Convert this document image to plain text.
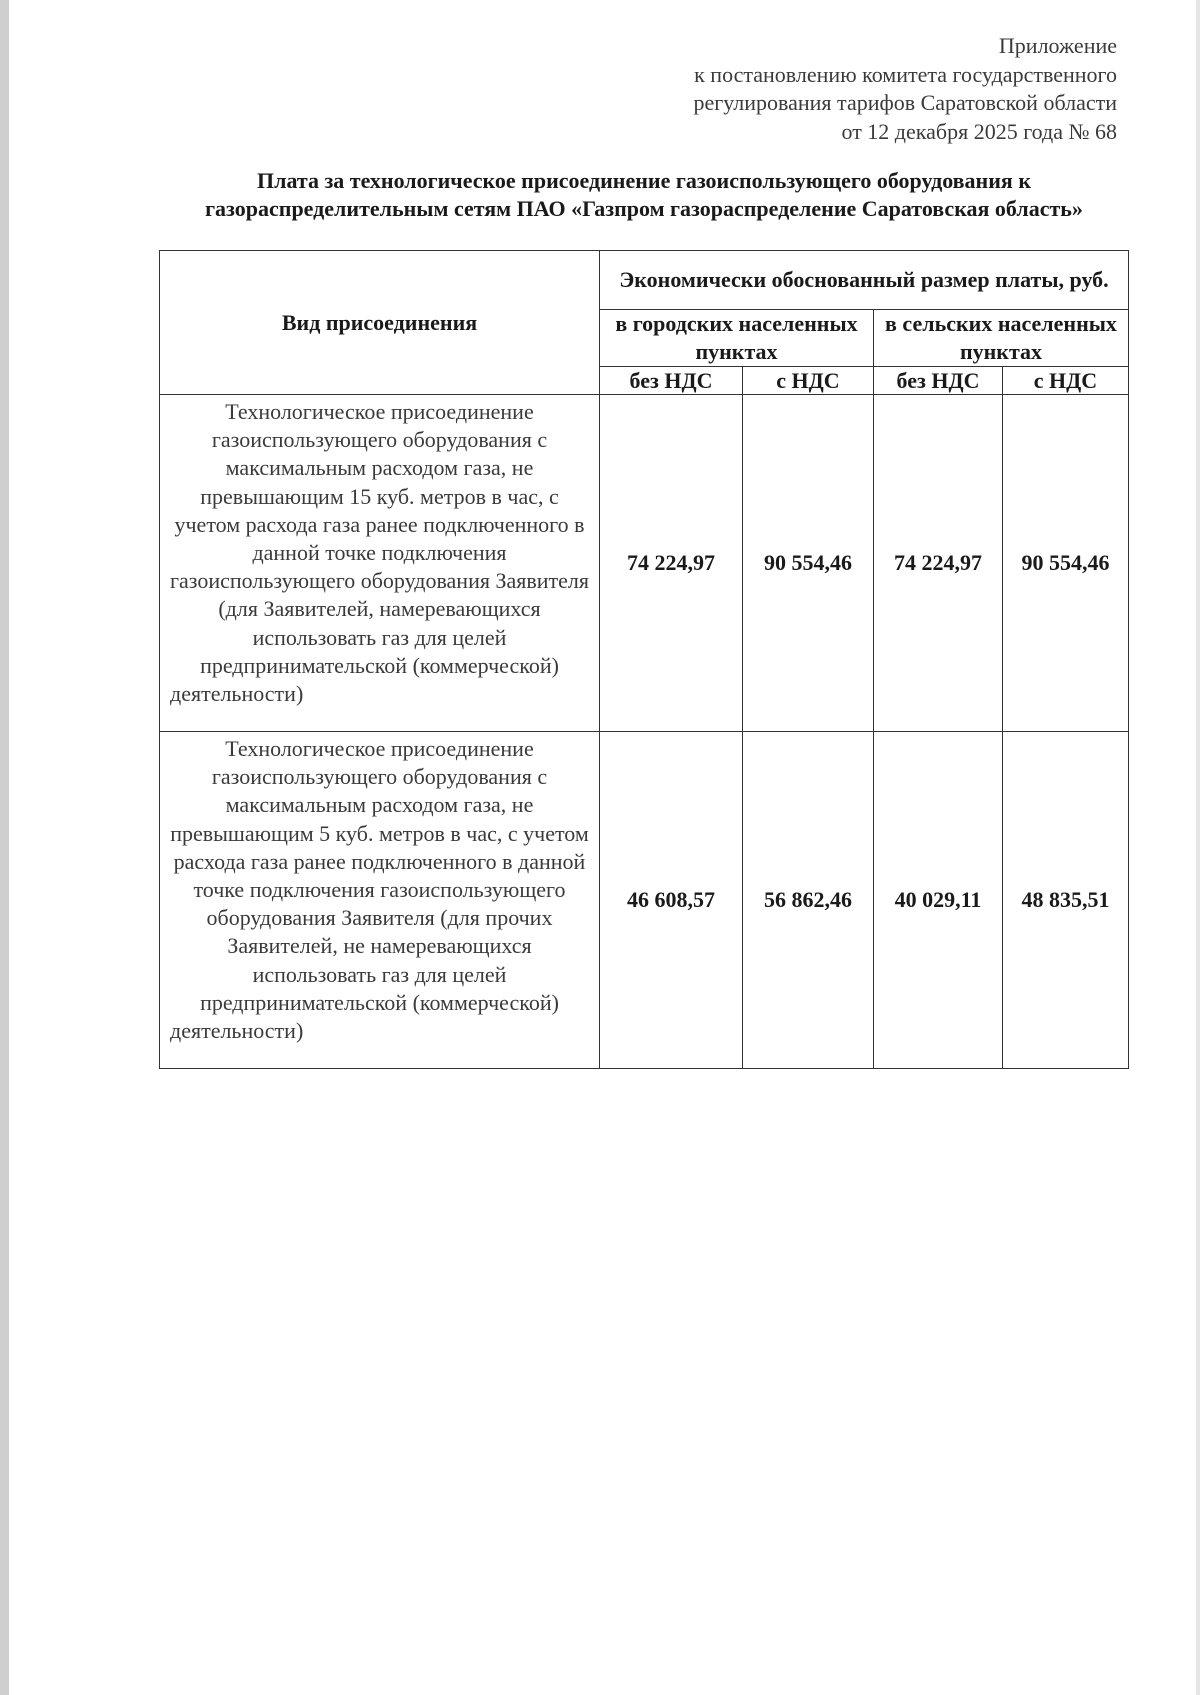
Приложение
к постановлению комитета государственного
регулирования тарифов Саратовской области
от 12 декабря 2025 года № 68
Плата за технологическое присоединение газоиспользующего оборудования к газораспределительным сетям ПАО «Газпром газораспределение Саратовская область»
Вид присоединения	Экономически обоснованный размер платы, руб.			
	в городских населенных пунктах		в сельских населенных пунктах	
	без НДС	с НДС	без НДС	с НДС
Технологическое присоединение газоиспользующего оборудования с максимальным расходом газа, не превышающим 15 куб. метров в час, с учетом расхода газа ранее подключенного в данной точке подключения газоиспользующего оборудования Заявителя (для Заявителей, намеревающихся использовать газ для целей предпринимательской (коммерческой) деятельности)	74 224,97	90 554,46	74 224,97	90 554,46
Технологическое присоединение газоиспользующего оборудования с максимальным расходом газа, не превышающим 5 куб. метров в час, с учетом расхода газа ранее подключенного в данной точке подключения газоиспользующего оборудования Заявителя (для прочих Заявителей, не намеревающихся использовать газ для целей предпринимательской (коммерческой) деятельности)	46 608,57	56 862,46	40 029,11	48 835,51
